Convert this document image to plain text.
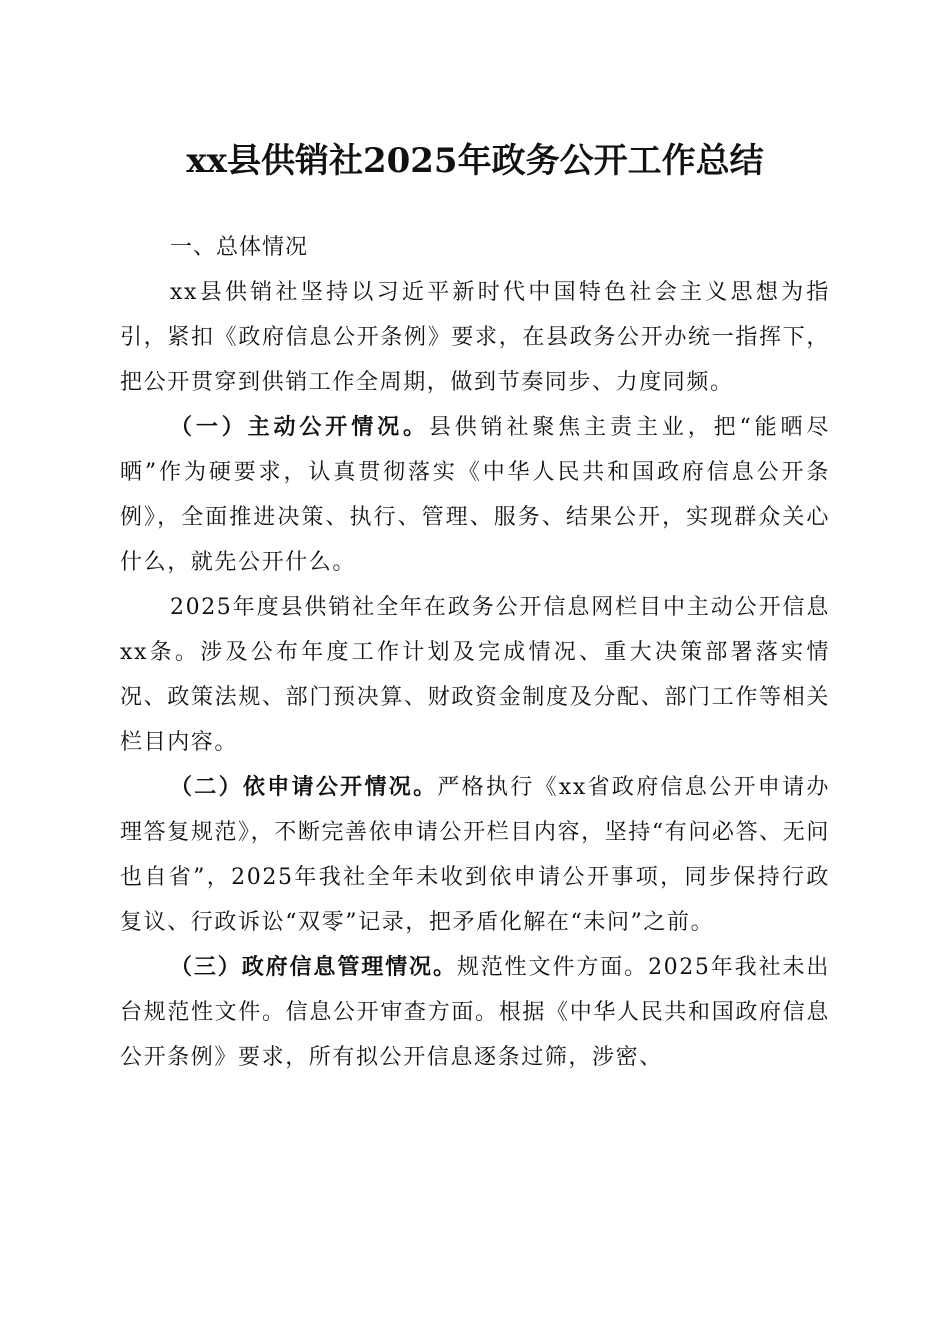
xx县供销社2025年政务公开工作总结

一、总体情况

xx县供销社坚持以习近平新时代中国特色社会主义思想为指引，紧扣《政府信息公开条例》要求，在县政务公开办统一指挥下，把公开贯穿到供销工作全周期，做到节奏同步、力度同频。

（一）主动公开情况。县供销社聚焦主责主业，把“能晒尽晒”作为硬要求，认真贯彻落实《中华人民共和国政府信息公开条例》，全面推进决策、执行、管理、服务、结果公开，实现群众关心什么，就先公开什么。

2025年度县供销社全年在政务公开信息网栏目中主动公开信息xx条。涉及公布年度工作计划及完成情况、重大决策部署落实情况、政策法规、部门预决算、财政资金制度及分配、部门工作等相关栏目内容。

（二）依申请公开情况。严格执行《xx省政府信息公开申请办理答复规范》，不断完善依申请公开栏目内容，坚持“有问必答、无问也自省”，2025年我社全年未收到依申请公开事项，同步保持行政复议、行政诉讼“双零”记录，把矛盾化解在“未问”之前。

（三）政府信息管理情况。规范性文件方面。2025年我社未出台规范性文件。信息公开审查方面。根据《中华人民共和国政府信息公开条例》要求，所有拟公开信息逐条过筛，涉密、
